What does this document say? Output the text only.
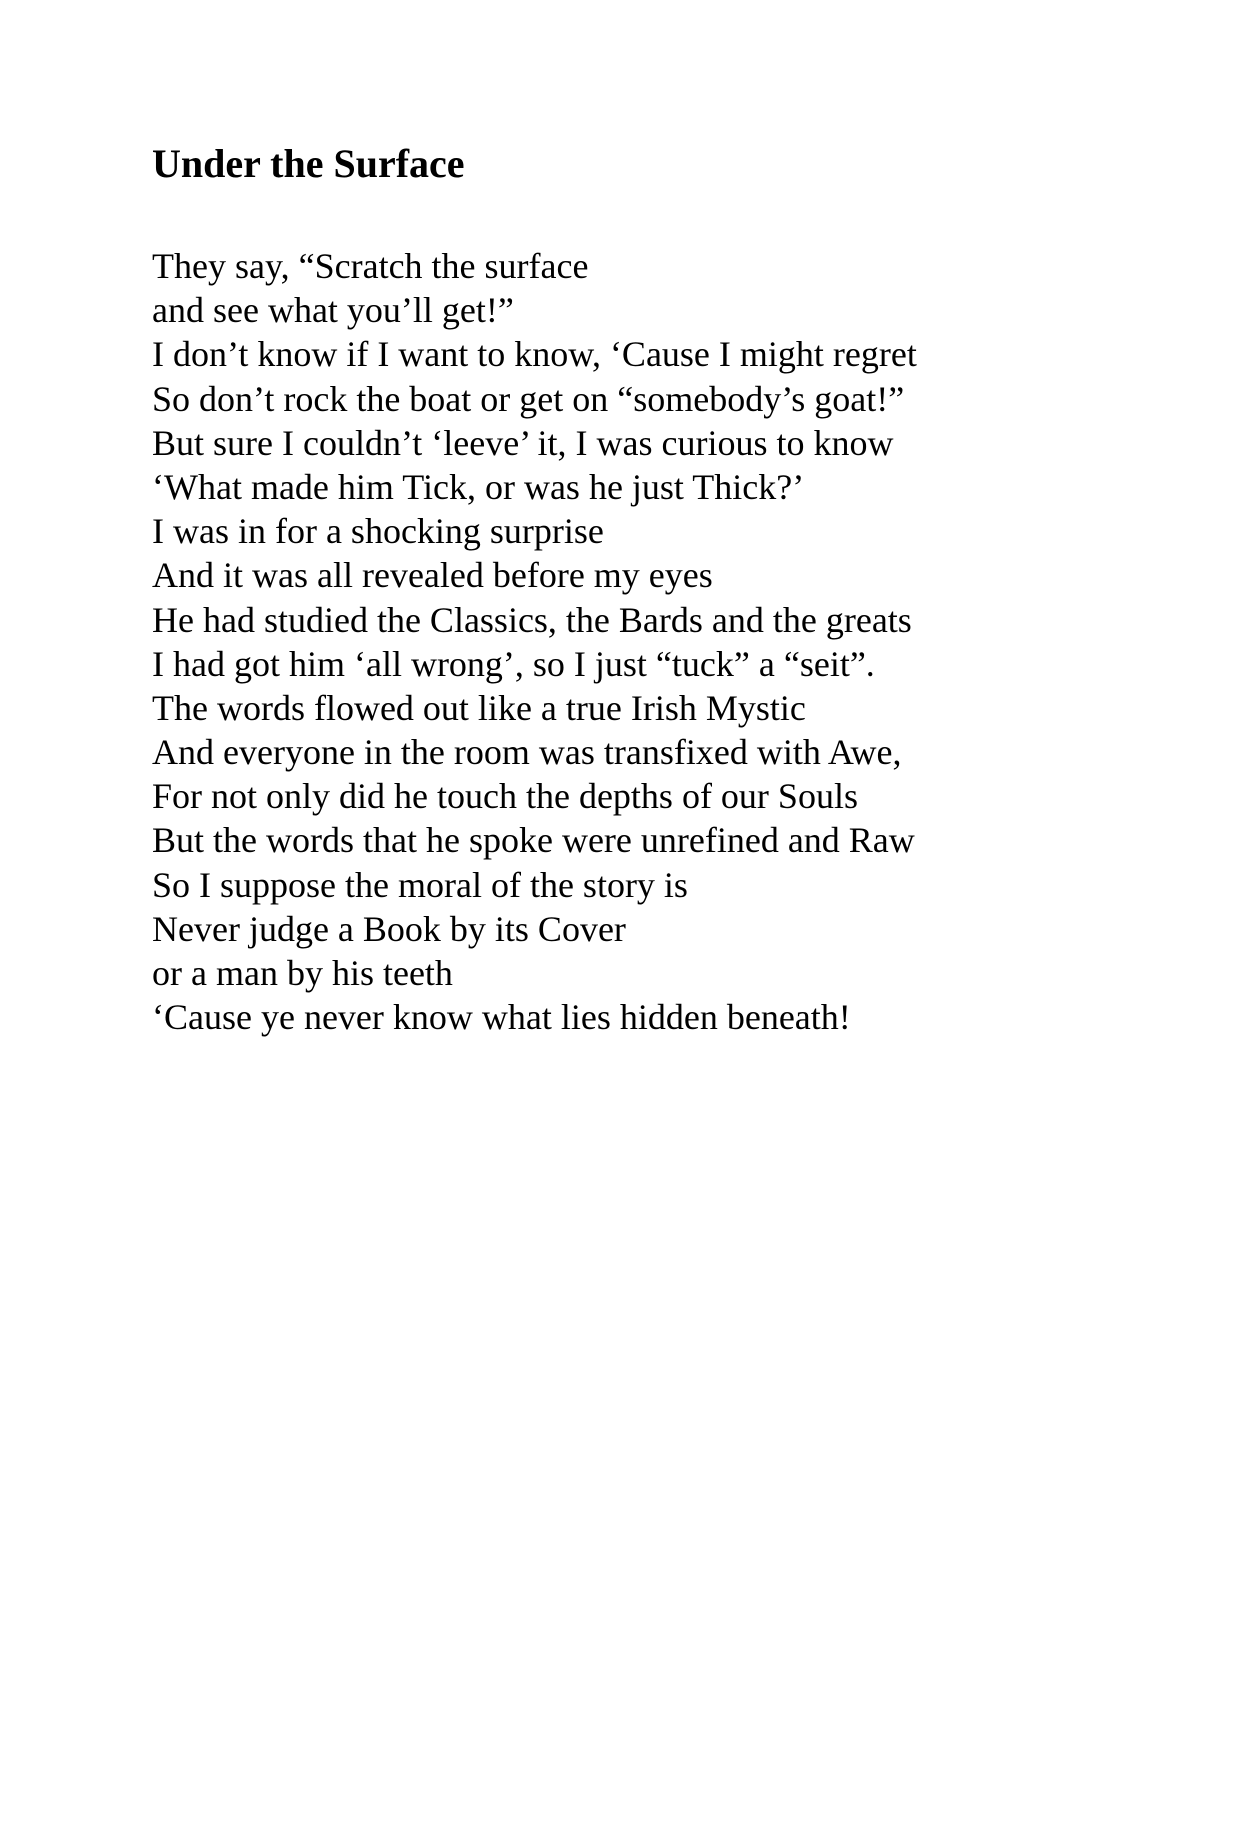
Under the Surface
They say, “Scratch the surface
and see what you’ll get!”
I don’t know if I want to know, ‘Cause I might regret
So don’t rock the boat or get on “somebody’s goat!”
But sure I couldn’t ‘leeve’ it, I was curious to know
‘What made him Tick, or was he just Thick?’
I was in for a shocking surprise
And it was all revealed before my eyes
He had studied the Classics, the Bards and the greats
I had got him ‘all wrong’, so I just “tuck” a “seit”.
The words flowed out like a true Irish Mystic
And everyone in the room was transfixed with Awe,
For not only did he touch the depths of our Souls
But the words that he spoke were unrefined and Raw
So I suppose the moral of the story is
Never judge a Book by its Cover
or a man by his teeth
‘Cause ye never know what lies hidden beneath!
